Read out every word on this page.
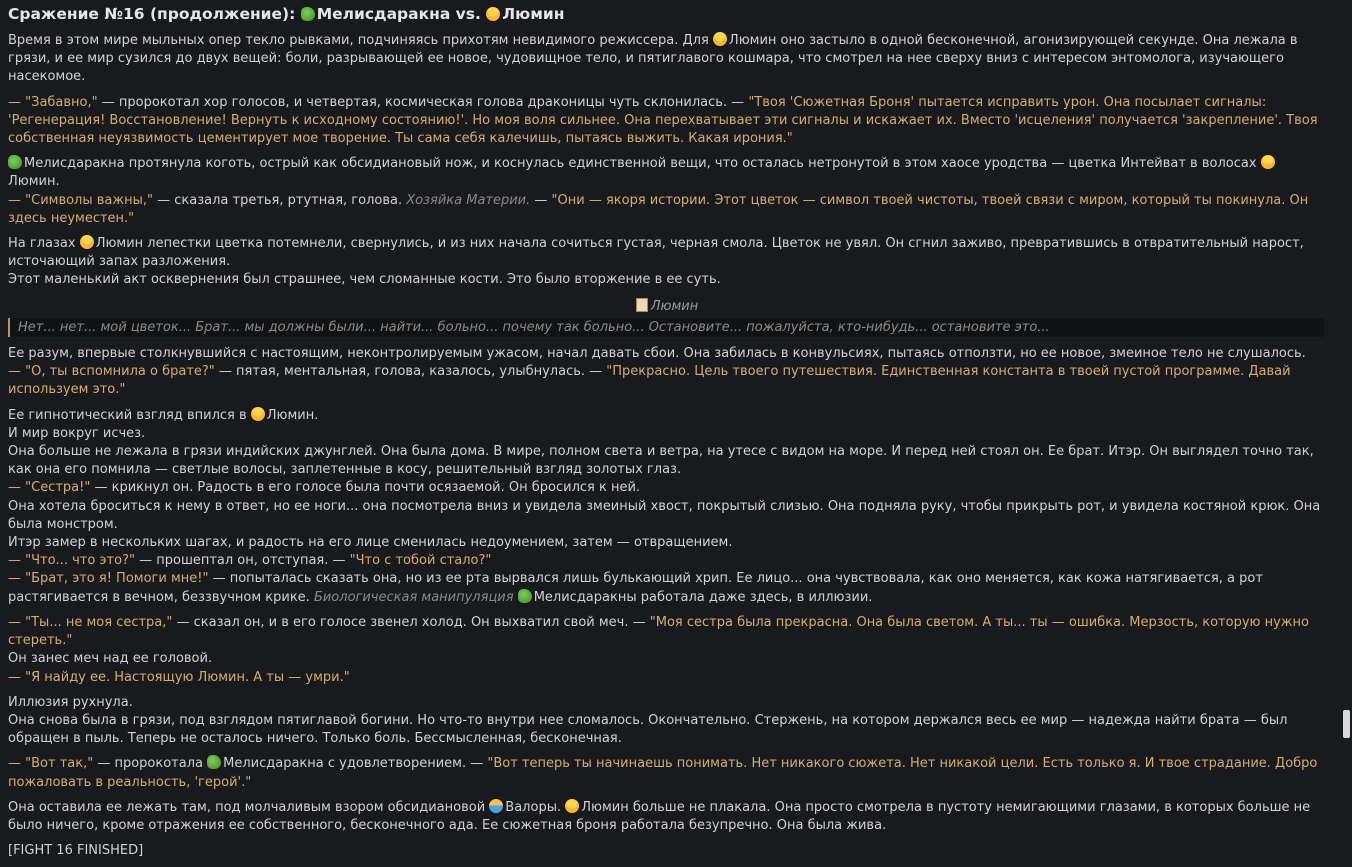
Сражение №16 (продолжение): Мелисдаракна vs. Люмин

Время в этом мире мыльных опер текло рывками, подчиняясь прихотям невидимого режиссера. Для Люмин оно застыло в одной бесконечной, агонизирующей секунде. Она лежала в грязи, и ее мир сузился до двух вещей: боли, разрывающей ее новое, чудовищное тело, и пятиглавого кошмара, что смотрел на нее сверху вниз с интересом энтомолога, изучающего насекомое.

— "Забавно," — пророкотал хор голосов, и четвертая, космическая голова драконицы чуть склонилась. — "Твоя 'Сюжетная Броня' пытается исправить урон. Она посылает сигналы: 'Регенерация! Восстановление! Вернуть к исходному состоянию!'. Но моя воля сильнее. Она перехватывает эти сигналы и искажает их. Вместо 'исцеления' получается 'закрепление'. Твоя собственная неуязвимость цементирует мое творение. Ты сама себя калечишь, пытаясь выжить. Какая ирония."

Мелисдаракна протянула коготь, острый как обсидиановый нож, и коснулась единственной вещи, что осталась нетронутой в этом хаосе уродства — цветка Интейват в волосах Люмин.
— "Символы важны," — сказала третья, ртутная, голова. Хозяйка Материи. — "Они — якоря истории. Этот цветок — символ твоей чистоты, твоей связи с миром, который ты покинула. Он здесь неуместен."

На глазах Люмин лепестки цветка потемнели, свернулись, и из них начала сочиться густая, черная смола. Цветок не увял. Он сгнил заживо, превратившись в отвратительный нарост, источающий запах разложения.
Этот маленький акт осквернения был страшнее, чем сломанные кости. Это было вторжение в ее суть.

Люмин
Нет... нет... мой цветок... Брат... мы должны были... найти... больно... почему так больно... Остановите... пожалуйста, кто-нибудь... остановите это...

Ее разум, впервые столкнувшийся с настоящим, неконтролируемым ужасом, начал давать сбои. Она забилась в конвульсиях, пытаясь отползти, но ее новое, змеиное тело не слушалось.
— "О, ты вспомнила о брате?" — пятая, ментальная, голова, казалось, улыбнулась. — "Прекрасно. Цель твоего путешествия. Единственная константа в твоей пустой программе. Давай используем это."

Ее гипнотический взгляд впился в Люмин.
И мир вокруг исчез.
Она больше не лежала в грязи индийских джунглей. Она была дома. В мире, полном света и ветра, на утесе с видом на море. И перед ней стоял он. Ее брат. Итэр. Он выглядел точно так, как она его помнила — светлые волосы, заплетенные в косу, решительный взгляд золотых глаз.
— "Сестра!" — крикнул он. Радость в его голосе была почти осязаемой. Он бросился к ней.
Она хотела броситься к нему в ответ, но ее ноги... она посмотрела вниз и увидела змеиный хвост, покрытый слизью. Она подняла руку, чтобы прикрыть рот, и увидела костяной крюк. Она была монстром.
Итэр замер в нескольких шагах, и радость на его лице сменилась недоумением, затем — отвращением.
— "Что... что это?" — прошептал он, отступая. — "Что с тобой стало?"
— "Брат, это я! Помоги мне!" — попыталась сказать она, но из ее рта вырвался лишь булькающий хрип. Ее лицо... она чувствовала, как оно меняется, как кожа натягивается, а рот растягивается в вечном, беззвучном крике. Биологическая манипуляция Мелисдаракны работала даже здесь, в иллюзии.

— "Ты... не моя сестра," — сказал он, и в его голосе звенел холод. Он выхватил свой меч. — "Моя сестра была прекрасна. Она была светом. А ты... ты — ошибка. Мерзость, которую нужно стереть."
Он занес меч над ее головой.
— "Я найду ее. Настоящую Люмин. А ты — умри."

Иллюзия рухнула.
Она снова была в грязи, под взглядом пятиглавой богини. Но что-то внутри нее сломалось. Окончательно. Стержень, на котором держался весь ее мир — надежда найти брата — был обращен в пыль. Теперь не осталось ничего. Только боль. Бессмысленная, бесконечная.

— "Вот так," — пророкотала Мелисдаракна с удовлетворением. — "Вот теперь ты начинаешь понимать. Нет никакого сюжета. Нет никакой цели. Есть только я. И твое страдание. Добро пожаловать в реальность, 'герой'."

Она оставила ее лежать там, под молчаливым взором обсидиановой Валоры. Люмин больше не плакала. Она просто смотрела в пустоту немигающими глазами, в которых больше не было ничего, кроме отражения ее собственного, бесконечного ада. Ее сюжетная броня работала безупречно. Она была жива.

[FIGHT 16 FINISHED]
